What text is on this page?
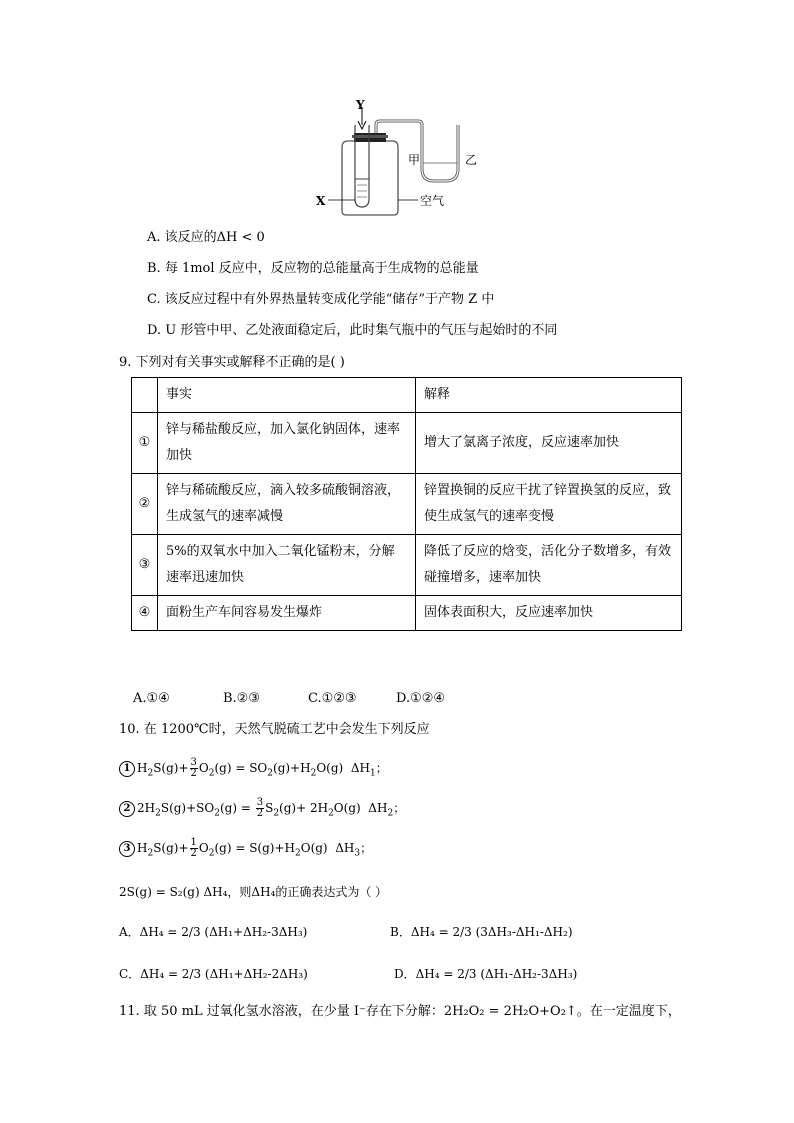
Y
X
甲	乙
空气
A. 该反应的ΔH < 0
B. 每 1mol 反应中，反应物的总能量高于生成物的总能量
C. 该反应过程中有外界热量转变成化学能“储存”于产物 Z 中
D. U 形管中甲、乙处液面稳定后，此时集气瓶中的气压与起始时的不同
9. 下列对有关事实或解释不正确的是( )
	事实	解释
①	锌与稀盐酸反应，加入氯化钠固体，速率加快	增大了氯离子浓度，反应速率加快
②	锌与稀硫酸反应，滴入较多硫酸铜溶液，生成氢气的速率减慢	锌置换铜的反应干扰了锌置换氢的反应，致使生成氢气的速率变慢
③	5%的双氧水中加入二氧化锰粉末，分解速率迅速加快	降低了反应的焓变，活化分子数增多，有效碰撞增多，速率加快
④	面粉生产车间容易发生爆炸	固体表面积大，反应速率加快
A.①④	B.②③	C.①②③	D.①②④
10. 在 1200℃时，天然气脱硫工艺中会发生下列反应
1 $H_2S(g)+ \frac{3}{2} O_2(g) = SO_2(g)+H_2O(g)$  $\Delta H_1$；
2 $2H_2S(g)+SO_2(g) = \frac{3}{2} S_2(g)+ 2H_2O(g)$  $\Delta H_2$；
3 $H_2S(g)+ \frac{1}{2} O_2(g) = S(g)+H_2O(g)$  $\Delta H_3$；
2S(g) = S₂(g) ΔH₄，则ΔH₄的正确表达式为（ ）
A．ΔH₄ = 2/3 (ΔH₁+ΔH₂-3ΔH₃)	B．ΔH₄ = 2/3 (3ΔH₃-ΔH₁-ΔH₂)
C．ΔH₄ = 2/3 (ΔH₁+ΔH₂-2ΔH₃)	D．ΔH₄ = 2/3 (ΔH₁-ΔH₂-3ΔH₃)
11. 取 50 mL 过氧化氢水溶液，在少量 I⁻存在下分解：2H₂O₂ = 2H₂O+O₂↑。在一定温度下，
